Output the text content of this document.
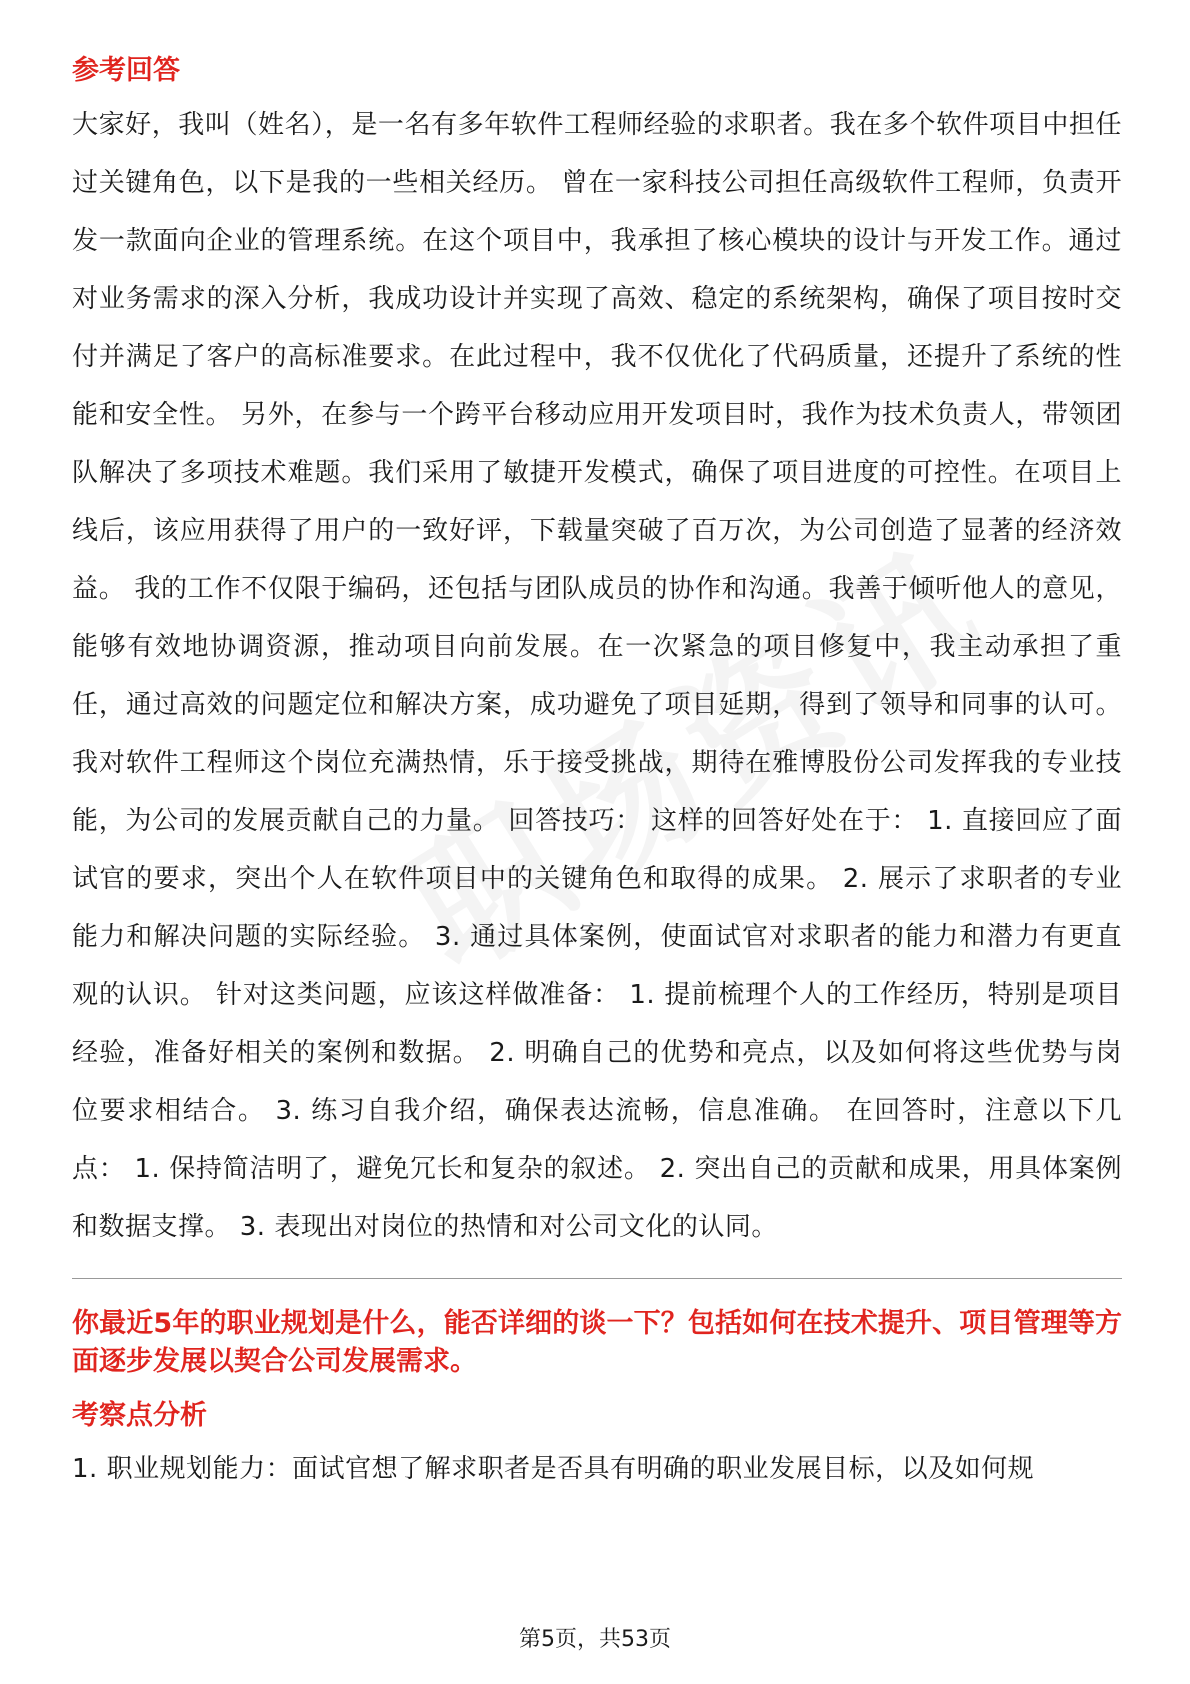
参考回答

大家好，我叫（姓名），是一名有多年软件工程师经验的求职者。我在多个软件项目中担任过关键角色，以下是我的一些相关经历。 曾在一家科技公司担任高级软件工程师，负责开发一款面向企业的管理系统。在这个项目中，我承担了核心模块的设计与开发工作。通过对业务需求的深入分析，我成功设计并实现了高效、稳定的系统架构，确保了项目按时交付并满足了客户的高标准要求。在此过程中，我不仅优化了代码质量，还提升了系统的性能和安全性。 另外，在参与一个跨平台移动应用开发项目时，我作为技术负责人，带领团队解决了多项技术难题。我们采用了敏捷开发模式，确保了项目进度的可控性。在项目上线后，该应用获得了用户的一致好评，下载量突破了百万次，为公司创造了显著的经济效益。 我的工作不仅限于编码，还包括与团队成员的协作和沟通。我善于倾听他人的意见，能够有效地协调资源，推动项目向前发展。在一次紧急的项目修复中，我主动承担了重任，通过高效的问题定位和解决方案，成功避免了项目延期，得到了领导和同事的认可。 我对软件工程师这个岗位充满热情，乐于接受挑战，期待在雅博股份公司发挥我的专业技能，为公司的发展贡献自己的力量。 回答技巧： 这样的回答好处在于： 1. 直接回应了面试官的要求，突出个人在软件项目中的关键角色和取得的成果。 2. 展示了求职者的专业能力和解决问题的实际经验。 3. 通过具体案例，使面试官对求职者的能力和潜力有更直观的认识。 针对这类问题，应该这样做准备： 1. 提前梳理个人的工作经历，特别是项目经验，准备好相关的案例和数据。 2. 明确自己的优势和亮点，以及如何将这些优势与岗位要求相结合。 3. 练习自我介绍，确保表达流畅，信息准确。 在回答时，注意以下几点： 1. 保持简洁明了，避免冗长和复杂的叙述。 2. 突出自己的贡献和成果，用具体案例和数据支撑。 3. 表现出对岗位的热情和对公司文化的认同。

你最近5年的职业规划是什么，能否详细的谈一下？包括如何在技术提升、项目管理等方面逐步发展以契合公司发展需求。
考察点分析

1. 职业规划能力：面试官想了解求职者是否具有明确的职业发展目标，以及如何规

第5页，共53页
